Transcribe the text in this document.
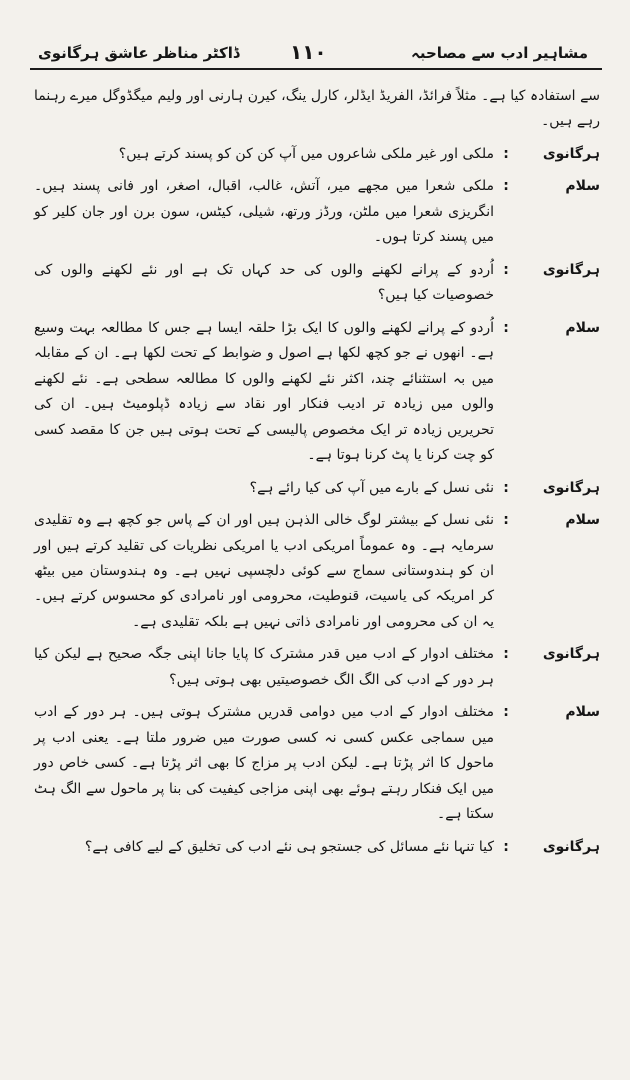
مشاہیر ادب سے مصاحبہ
۱۱۰
ڈاکٹر مناظر عاشق ہرگانوی
سے استفادہ کیا ہے۔ مثلاً فرائڈ، الفریڈ ایڈلر، کارل ینگ، کیرن ہارنی اور ولیم میگڈوگل میرے رہنما رہے ہیں۔
ہرگانوی
:
ملکی اور غیر ملکی شاعروں میں آپ کن کن کو پسند کرتے ہیں؟
سلام
:
ملکی شعرا میں مجھے میر، آتش، غالب، اقبال، اصغر، اور فانی پسند ہیں۔ انگریزی شعرا میں ملٹن، ورڈز ورتھ، شیلی، کیٹس، سون برن اور جان کلیر کو میں پسند کرتا ہوں۔
ہرگانوی
:
اُردو کے پرانے لکھنے والوں کی حد کہاں تک ہے اور نئے لکھنے والوں کی خصوصیات کیا ہیں؟
سلام
:
اُردو کے پرانے لکھنے والوں کا ایک بڑا حلقہ ایسا ہے جس کا مطالعہ بہت وسیع ہے۔ انھوں نے جو کچھ لکھا ہے اصول و ضوابط کے تحت لکھا ہے۔ ان کے مقابلہ میں بہ استثنائے چند، اکثر نئے لکھنے والوں کا مطالعہ سطحی ہے۔ نئے لکھنے والوں میں زیادہ تر ادیب فنکار اور نقاد سے زیادہ ڈپلومیٹ ہیں۔ ان کی تحریریں زیادہ تر ایک مخصوص پالیسی کے تحت ہوتی ہیں جن کا مقصد کسی کو چت کرنا یا پٹ کرنا ہوتا ہے۔
ہرگانوی
:
نئی نسل کے بارے میں آپ کی کیا رائے ہے؟
سلام
:
نئی نسل کے بیشتر لوگ خالی الذہن ہیں اور ان کے پاس جو کچھ ہے وہ تقلیدی سرمایہ ہے۔ وہ عموماً امریکی ادب یا امریکی نظریات کی تقلید کرتے ہیں اور ان کو ہندوستانی سماج سے کوئی دلچسپی نہیں ہے۔ وہ ہندوستان میں بیٹھ کر امریکہ کی یاسیت، قنوطیت، محرومی اور نامرادی کو محسوس کرتے ہیں۔ یہ ان کی محرومی اور نامرادی ذاتی نہیں ہے بلکہ تقلیدی ہے۔
ہرگانوی
:
مختلف ادوار کے ادب میں قدر مشترک کا پایا جانا اپنی جگہ صحیح ہے لیکن کیا ہر دور کے ادب کی الگ الگ خصوصیتیں بھی ہوتی ہیں؟
سلام
:
مختلف ادوار کے ادب میں دوامی قدریں مشترک ہوتی ہیں۔ ہر دور کے ادب میں سماجی عکس کسی نہ کسی صورت میں ضرور ملتا ہے۔ یعنی ادب پر ماحول کا اثر پڑتا ہے۔ لیکن ادب پر مزاج کا بھی اثر پڑتا ہے۔ کسی خاص دور میں ایک فنکار رہتے ہوئے بھی اپنی مزاجی کیفیت کی بنا پر ماحول سے الگ ہٹ سکتا ہے۔
ہرگانوی
:
کیا تنہا نئے مسائل کی جستجو ہی نئے ادب کی تخلیق کے لیے کافی ہے؟
